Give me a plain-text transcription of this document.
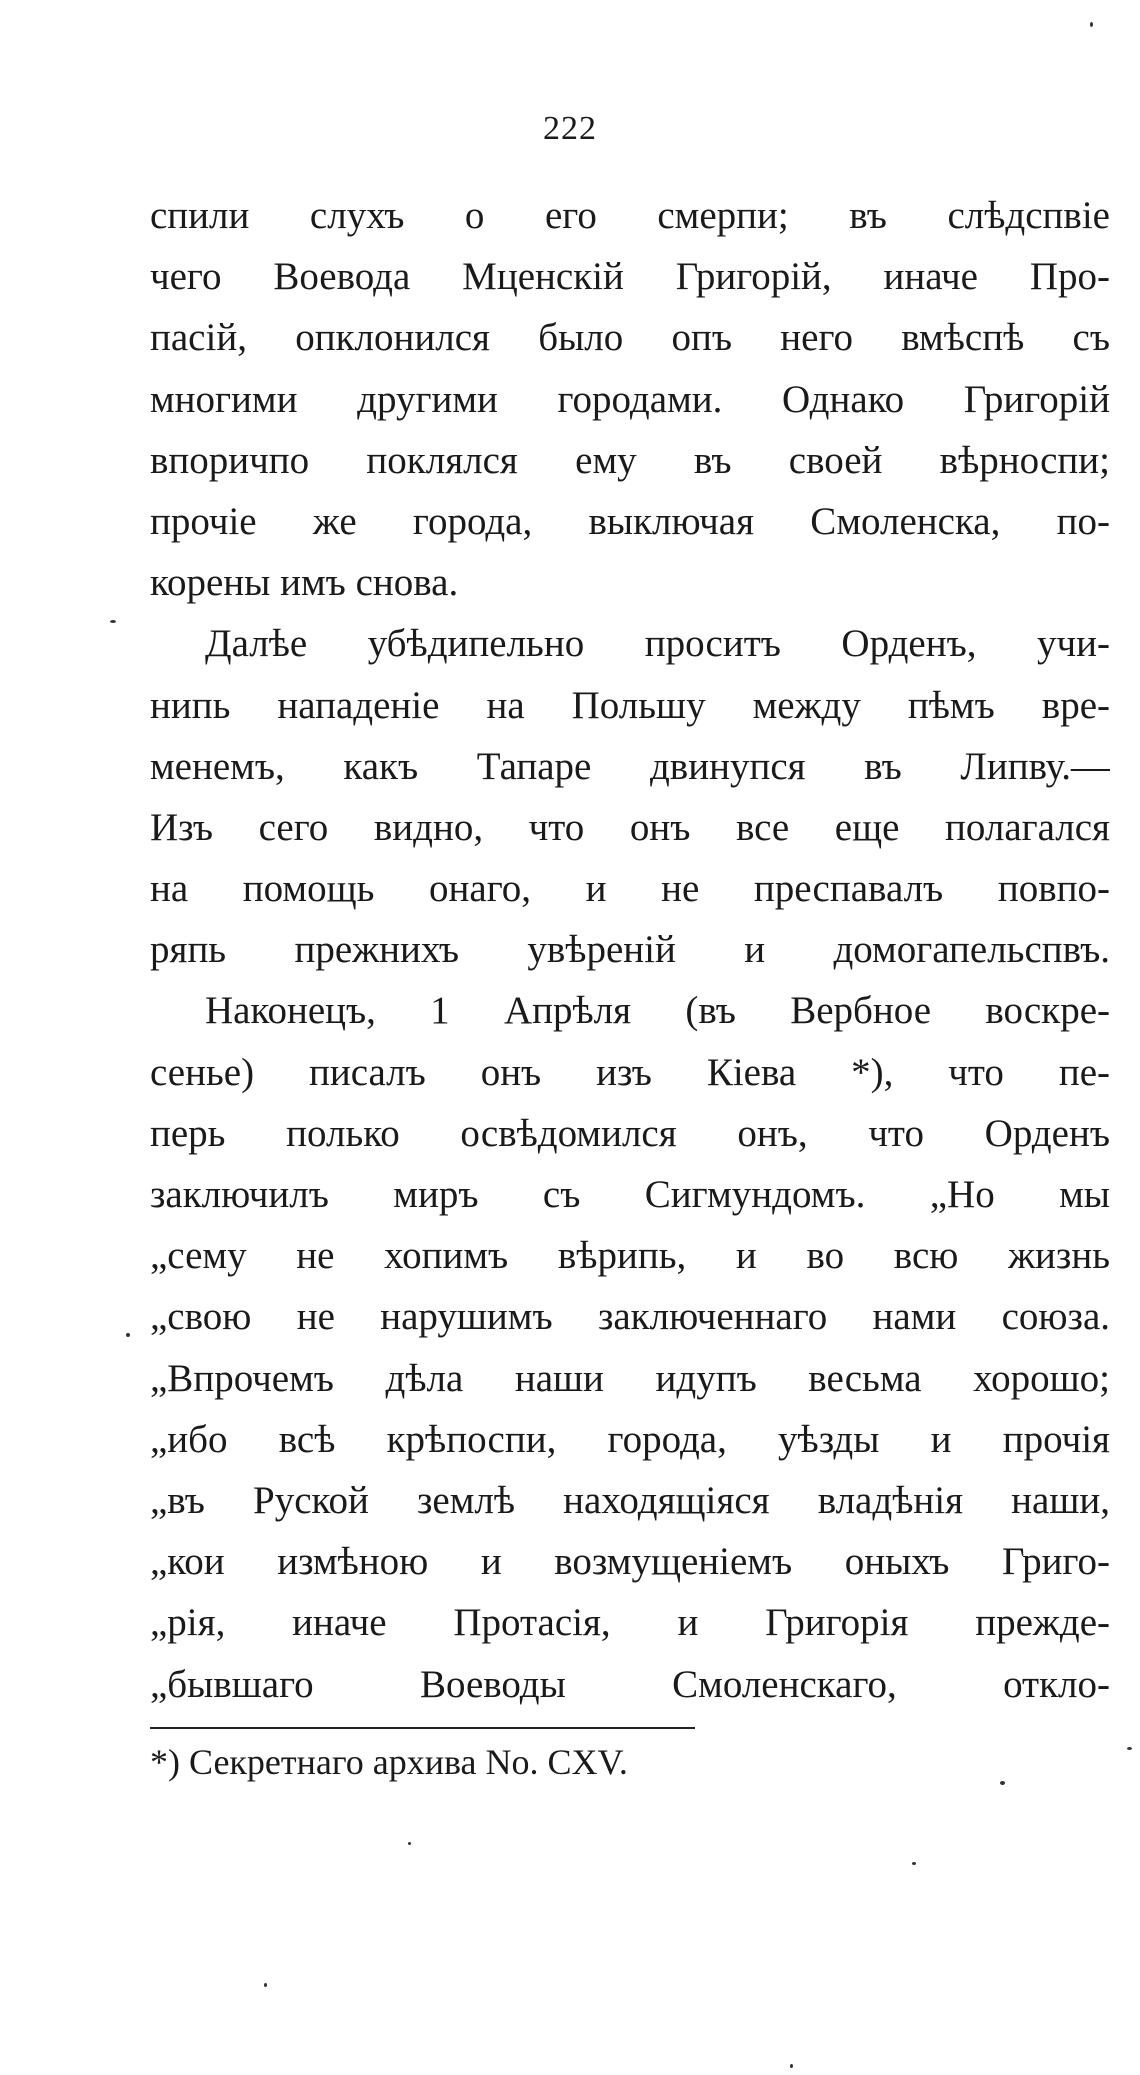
222
спили слухъ о его смерпи; въ слѣдспвіе
чего Воевода Мценскій Григорій, иначе Про-
пасій, опклонился было опъ него вмѣспѣ съ
многими другими городами. Однако Григорій
впоричпо поклялся ему въ своей вѣрноспи;
прочіе же города, выключая Смоленска, по-
корены имъ снова.
Далѣе убѣдипельно проситъ Орденъ, учи-
нипь нападеніе на Польшу между пѣмъ вре-
менемъ, какъ Тапаре двинупся въ Липву.—
Изъ сего видно, что онъ все еще полагался
на помощь онаго, и не преспавалъ повпо-
ряпь прежнихъ увѣреній и домогапельспвъ.
Наконецъ, 1 Апрѣля (въ Вербное воскре-
сенье) писалъ онъ изъ Кіева *), что пе-
перь полько освѣдомился онъ, что Орденъ
заключилъ миръ съ Сигмундомъ. „Но мы
„сему не хопимъ вѣрипь, и во всю жизнь
„свою не нарушимъ заключеннаго нами союза.
„Впрочемъ дѣла наши идупъ весьма хорошо;
„ибо всѣ крѣпоспи, города, уѣзды и прочія
„въ Руской землѣ находящіяся владѣнія наши,
„кои измѣною и возмущеніемъ оныхъ Григо-
„рія, иначе Протасія, и Григорія прежде-
„бывшаго Воеводы Смоленскаго, откло-
*) Секретнаго архива No. CXV.
